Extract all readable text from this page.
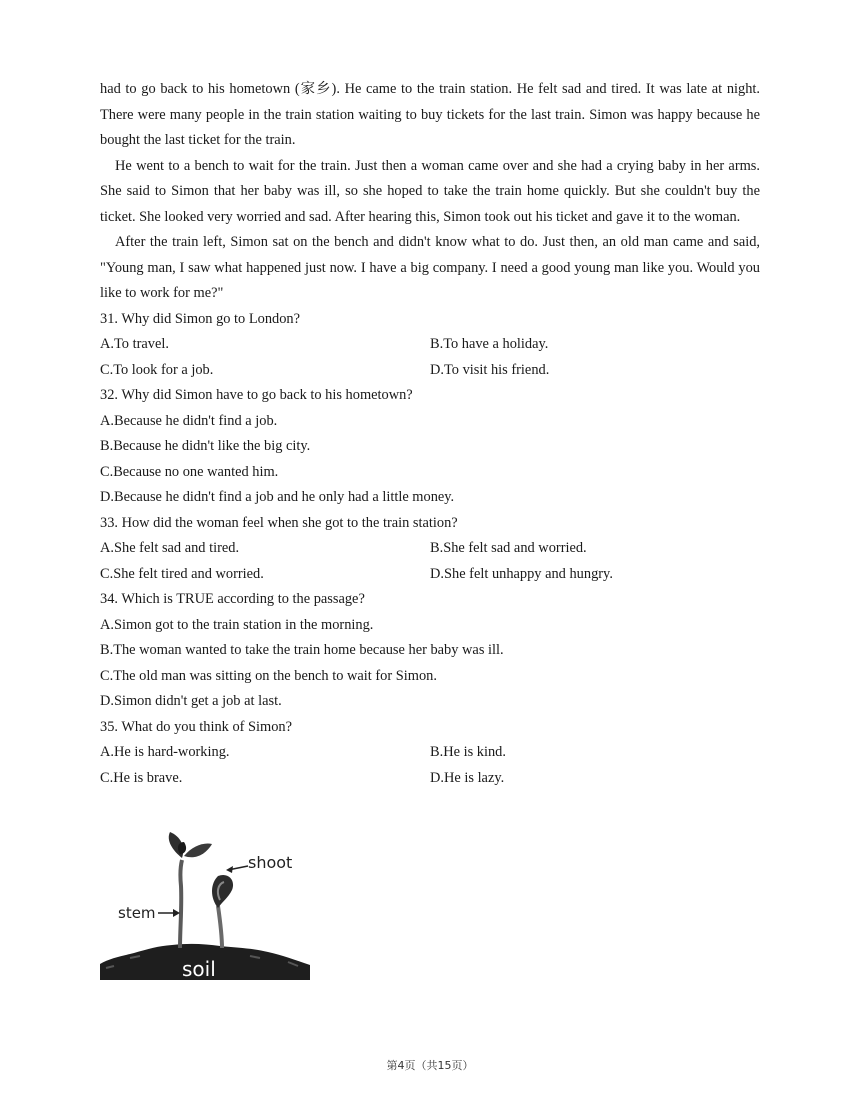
had to go back to his hometown (家乡). He came to the train station. He felt sad and tired. It was late at night. There were many people in the train station waiting to buy tickets for the last train. Simon was happy because he bought the last ticket for the train.

He went to a bench to wait for the train. Just then a woman came over and she had a crying baby in her arms. She said to Simon that her baby was ill, so she hoped to take the train home quickly. But she couldn't buy the ticket. She looked very worried and sad. After hearing this, Simon took out his ticket and gave it to the woman.

After the train left, Simon sat on the bench and didn't know what to do. Just then, an old man came and said, "Young man, I saw what happened just now. I have a big company. I need a good young man like you. Would you like to work for me?"

31. Why did Simon go to London?

A.To travel.	B.To have a holiday.

C.To look for a job.	D.To visit his friend.

32. Why did Simon have to go back to his hometown?

A.Because he didn't find a job.

B.Because he didn't like the big city.

C.Because no one wanted him.

D.Because he didn't find a job and he only had a little money.

33. How did the woman feel when she got to the train station?

A.She felt sad and tired.	B.She felt sad and worried.

C.She felt tired and worried.	D.She felt unhappy and hungry.

34. Which is TRUE according to the passage?

A.Simon got to the train station in the morning.

B.The woman wanted to take the train home because her baby was ill.

C.The old man was sitting on the bench to wait for Simon.

D.Simon didn't get a job at last.

35. What do you think of Simon?

A.He is hard-working.	B.He is kind.

C.He is brave.	D.He is lazy.

shoot
stem
soil
第4页（共15页）
